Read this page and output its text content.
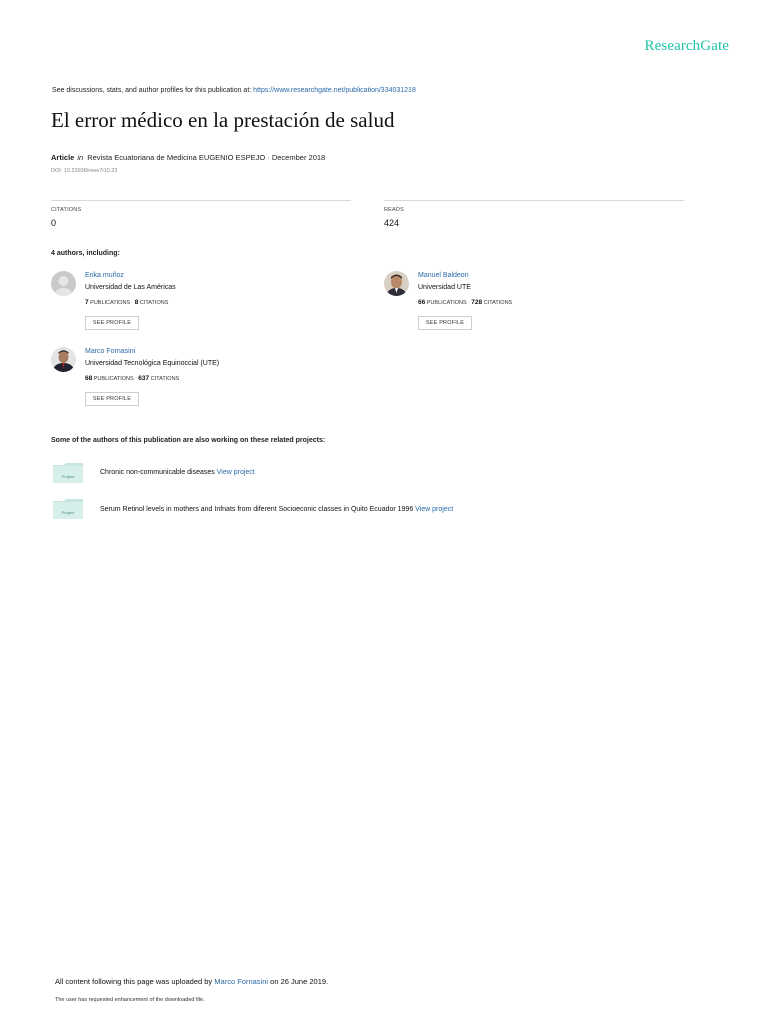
ResearchGate
See discussions, stats, and author profiles for this publication at: https://www.researchgate.net/publication/334031218
El error médico en la prestación de salud
Article in Revista Ecuatoriana de Medicina EUGENIO ESPEJO · December 2018
DOI: 10.23938/reee7i10.23
CITATIONS
0
READS
424
4 authors, including:
Erika muñoz
Universidad de Las Américas
7 PUBLICATIONS 8 CITATIONS
SEE PROFILE
Manuel Baldeon
Universidad UTE
66 PUBLICATIONS 728 CITATIONS
SEE PROFILE
Marco Fornasini
Universidad Tecnológica Equinoccial (UTE)
68 PUBLICATIONS 637 CITATIONS
SEE PROFILE
Some of the authors of this publication are also working on these related projects:
Project
Chronic non-communicable diseases View project
Project	Serum Retinol levels in mothers and Infnats from diferent Socioeconic classes in Quito Ecuador 1996 View project
All content following this page was uploaded by Marco Fornasini on 26 June 2019.
The user has requested enhancement of the downloaded file.
